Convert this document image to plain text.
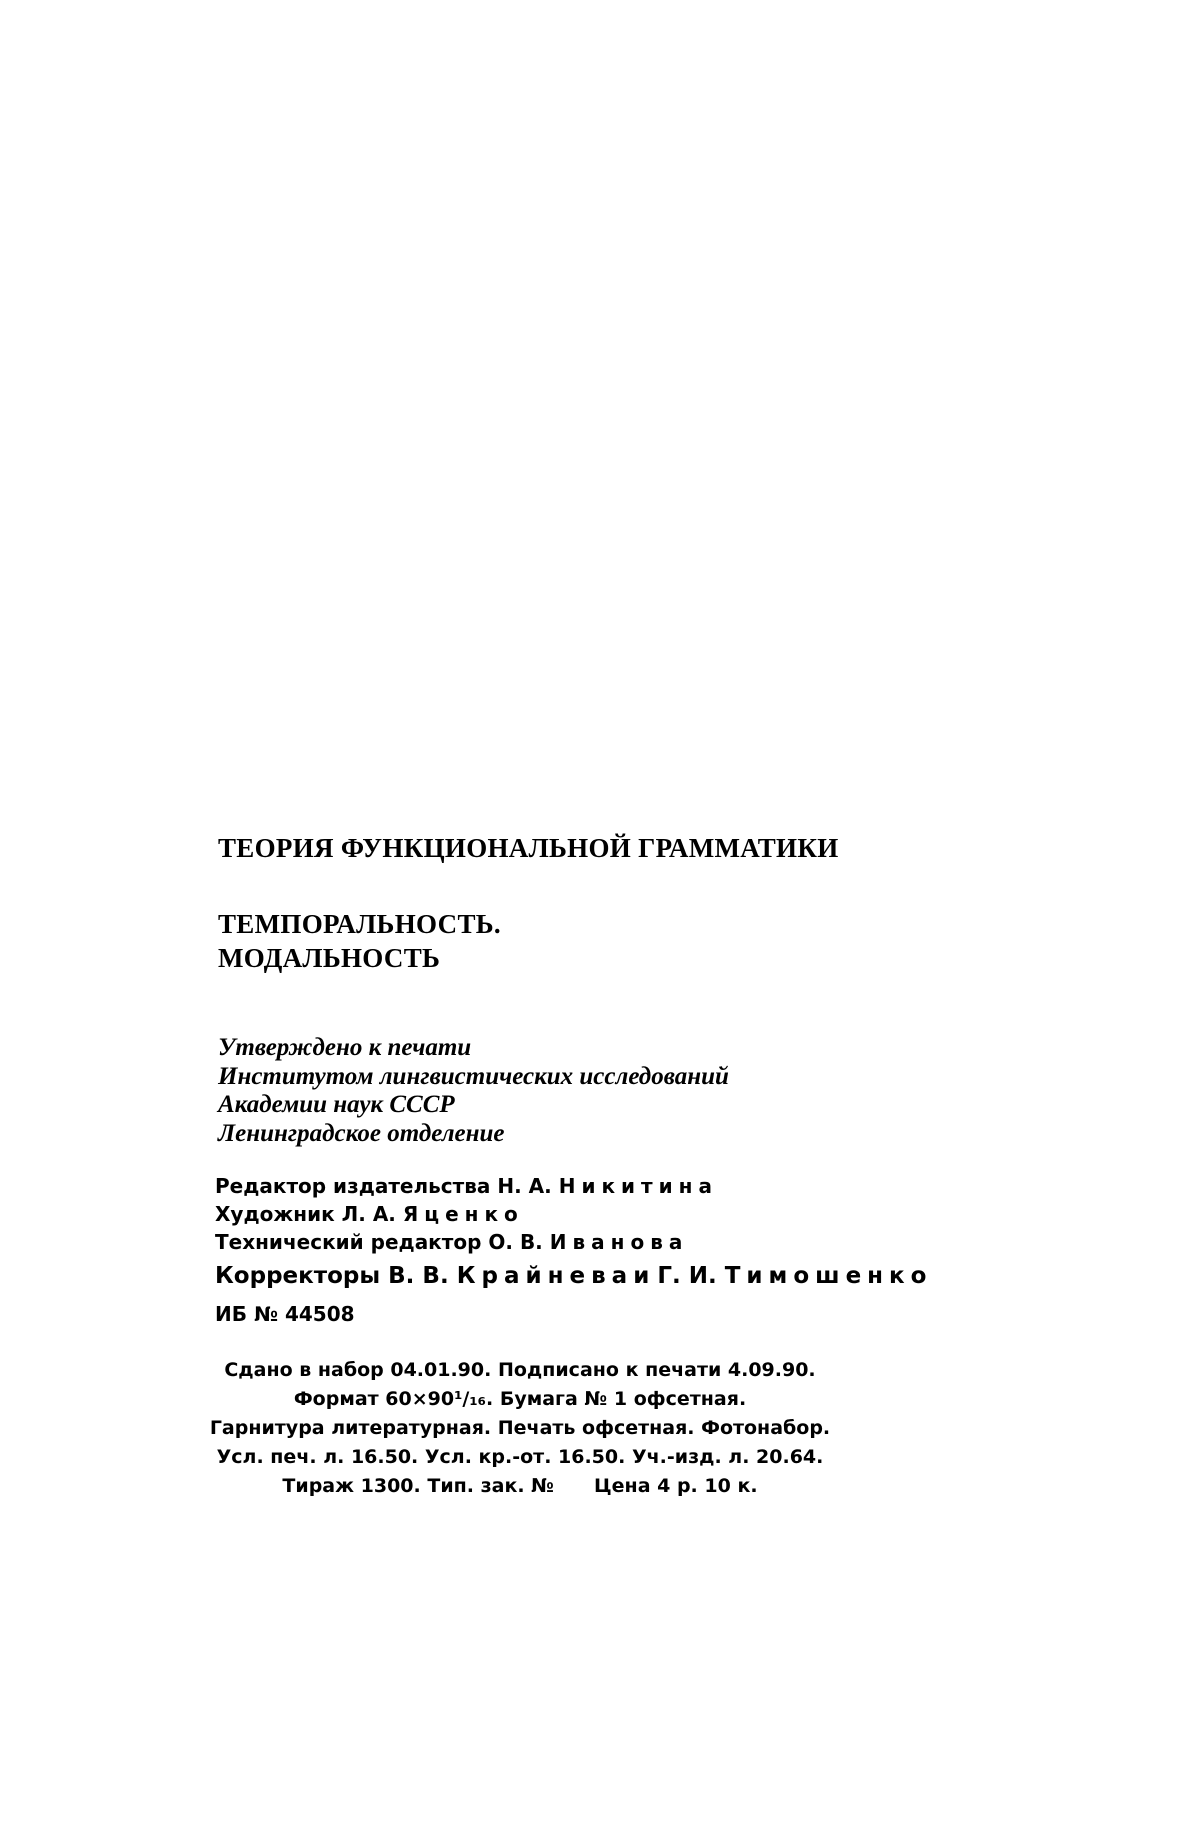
ТЕОРИЯ ФУНКЦИОНАЛЬНОЙ ГРАММАТИКИ
ТЕМПОРАЛЬНОСТЬ.
МОДАЛЬНОСТЬ
Утверждено к печати
Институтом лингвистических исследований
Академии наук СССР
Ленинградское отделение
Редактор издательства Н. А. Никитина
Художник Л. А. Яценко
Технический редактор О. В. Иванова
Корректоры В. В. Крайневаи Г. И. Тимошенко
ИБ № 44508
Сдано в набор 04.01.90. Подписано к печати 4.09.90.
Формат 60×90¹/₁₆. Бумага № 1 офсетная.
Гарнитура литературная. Печать офсетная. Фотонабор.
Усл. печ. л. 16.50. Усл. кр.-от. 16.50. Уч.-изд. л. 20.64.
Тираж 1300. Тип. зак. № Цена 4 р. 10 к.
